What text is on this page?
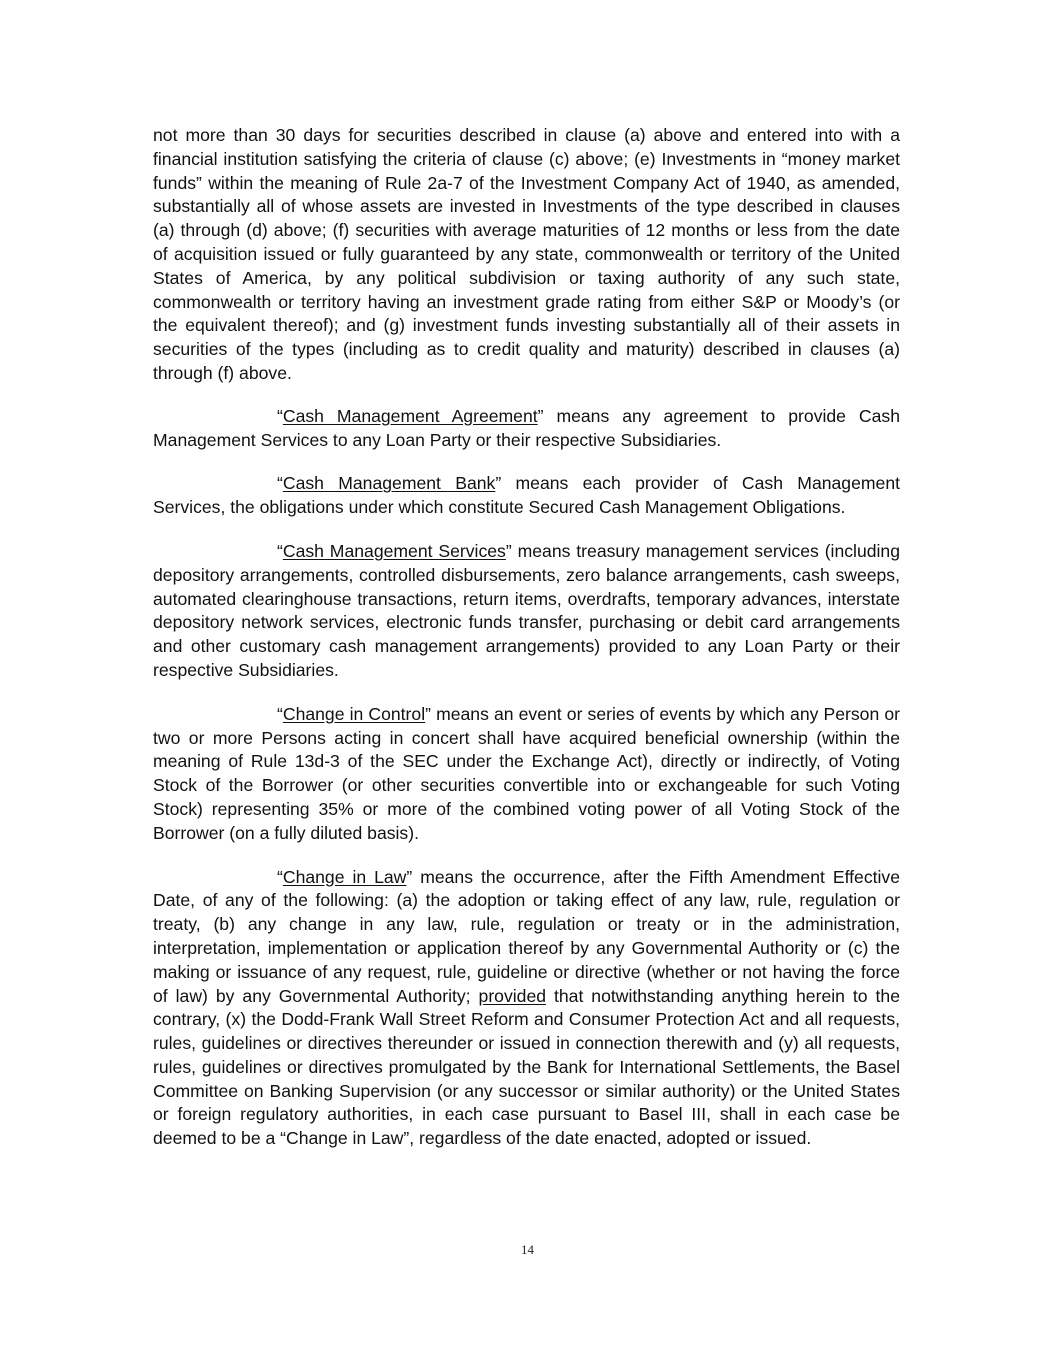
not more than 30 days for securities described in clause (a) above and entered into with a financial institution satisfying the criteria of clause (c) above; (e) Investments in “money market funds” within the meaning of Rule 2a-7 of the Investment Company Act of 1940, as amended, substantially all of whose assets are invested in Investments of the type described in clauses (a) through (d) above; (f) securities with average maturities of 12 months or less from the date of acquisition issued or fully guaranteed by any state, commonwealth or territory of the United States of America, by any political subdivision or taxing authority of any such state, commonwealth or territory having an investment grade rating from either S&P or Moody’s (or the equivalent thereof); and (g) investment funds investing substantially all of their assets in securities of the types (including as to credit quality and maturity) described in clauses (a) through (f) above.

“Cash Management Agreement” means any agreement to provide Cash Management Services to any Loan Party or their respective Subsidiaries.

“Cash Management Bank” means each provider of Cash Management Services, the obligations under which constitute Secured Cash Management Obligations.

“Cash Management Services” means treasury management services (including depository arrangements, controlled disbursements, zero balance arrangements, cash sweeps, automated clearinghouse transactions, return items, overdrafts, temporary advances, interstate depository network services, electronic funds transfer, purchasing or debit card arrangements and other customary cash management arrangements) provided to any Loan Party or their respective Subsidiaries.

“Change in Control” means an event or series of events by which any Person or two or more Persons acting in concert shall have acquired beneficial ownership (within the meaning of Rule 13d-3 of the SEC under the Exchange Act), directly or indirectly, of Voting Stock of the Borrower (or other securities convertible into or exchangeable for such Voting Stock) representing 35% or more of the combined voting power of all Voting Stock of the Borrower (on a fully diluted basis).

“Change in Law” means the occurrence, after the Fifth Amendment Effective Date, of any of the following: (a) the adoption or taking effect of any law, rule, regulation or treaty, (b) any change in any law, rule, regulation or treaty or in the administration, interpretation, implementation or application thereof by any Governmental Authority or (c) the making or issuance of any request, rule, guideline or directive (whether or not having the force of law) by any Governmental Authority; provided that notwithstanding anything herein to the contrary, (x) the Dodd-Frank Wall Street Reform and Consumer Protection Act and all requests, rules, guidelines or directives thereunder or issued in connection therewith and (y) all requests, rules, guidelines or directives promulgated by the Bank for International Settlements, the Basel Committee on Banking Supervision (or any successor or similar authority) or the United States or foreign regulatory authorities, in each case pursuant to Basel III, shall in each case be deemed to be a “Change in Law”, regardless of the date enacted, adopted or issued.

14
